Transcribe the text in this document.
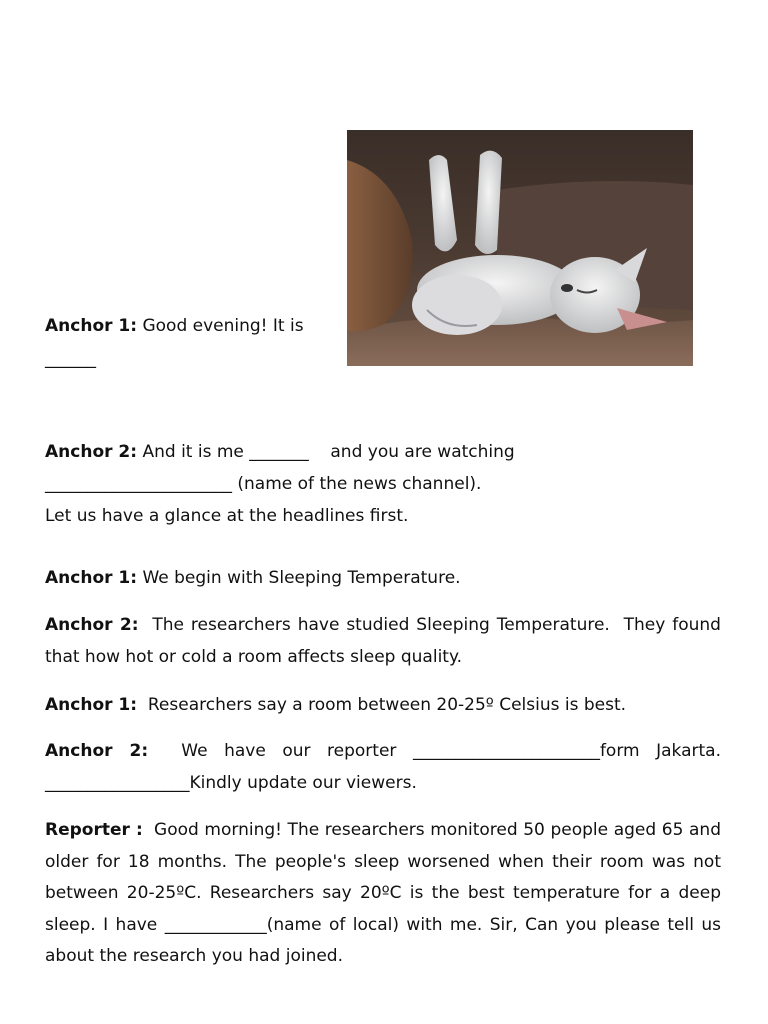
Anchor 1: Good evening! It is
______
Anchor 2: And it is me _______    and you are watching
______________________ (name of the news channel).
Let us have a glance at the headlines first.
Anchor 1: We begin with Sleeping Temperature.
Anchor 2:  The researchers have studied Sleeping Temperature.  They found that how hot or cold a room affects sleep quality.
Anchor 1:  Researchers say a room between 20-25º Celsius is best.
Anchor 2:  We have our reporter ______________________form Jakarta.
_________________Kindly update our viewers.
Reporter :  Good morning! The researchers monitored 50 people aged 65 and older for 18 months. The people's sleep worsened when their room was not between 20-25ºC. Researchers say 20ºC is the best temperature for a deep sleep. I have ____________(name of local) with me. Sir, Can you please tell us about the research you had joined.
